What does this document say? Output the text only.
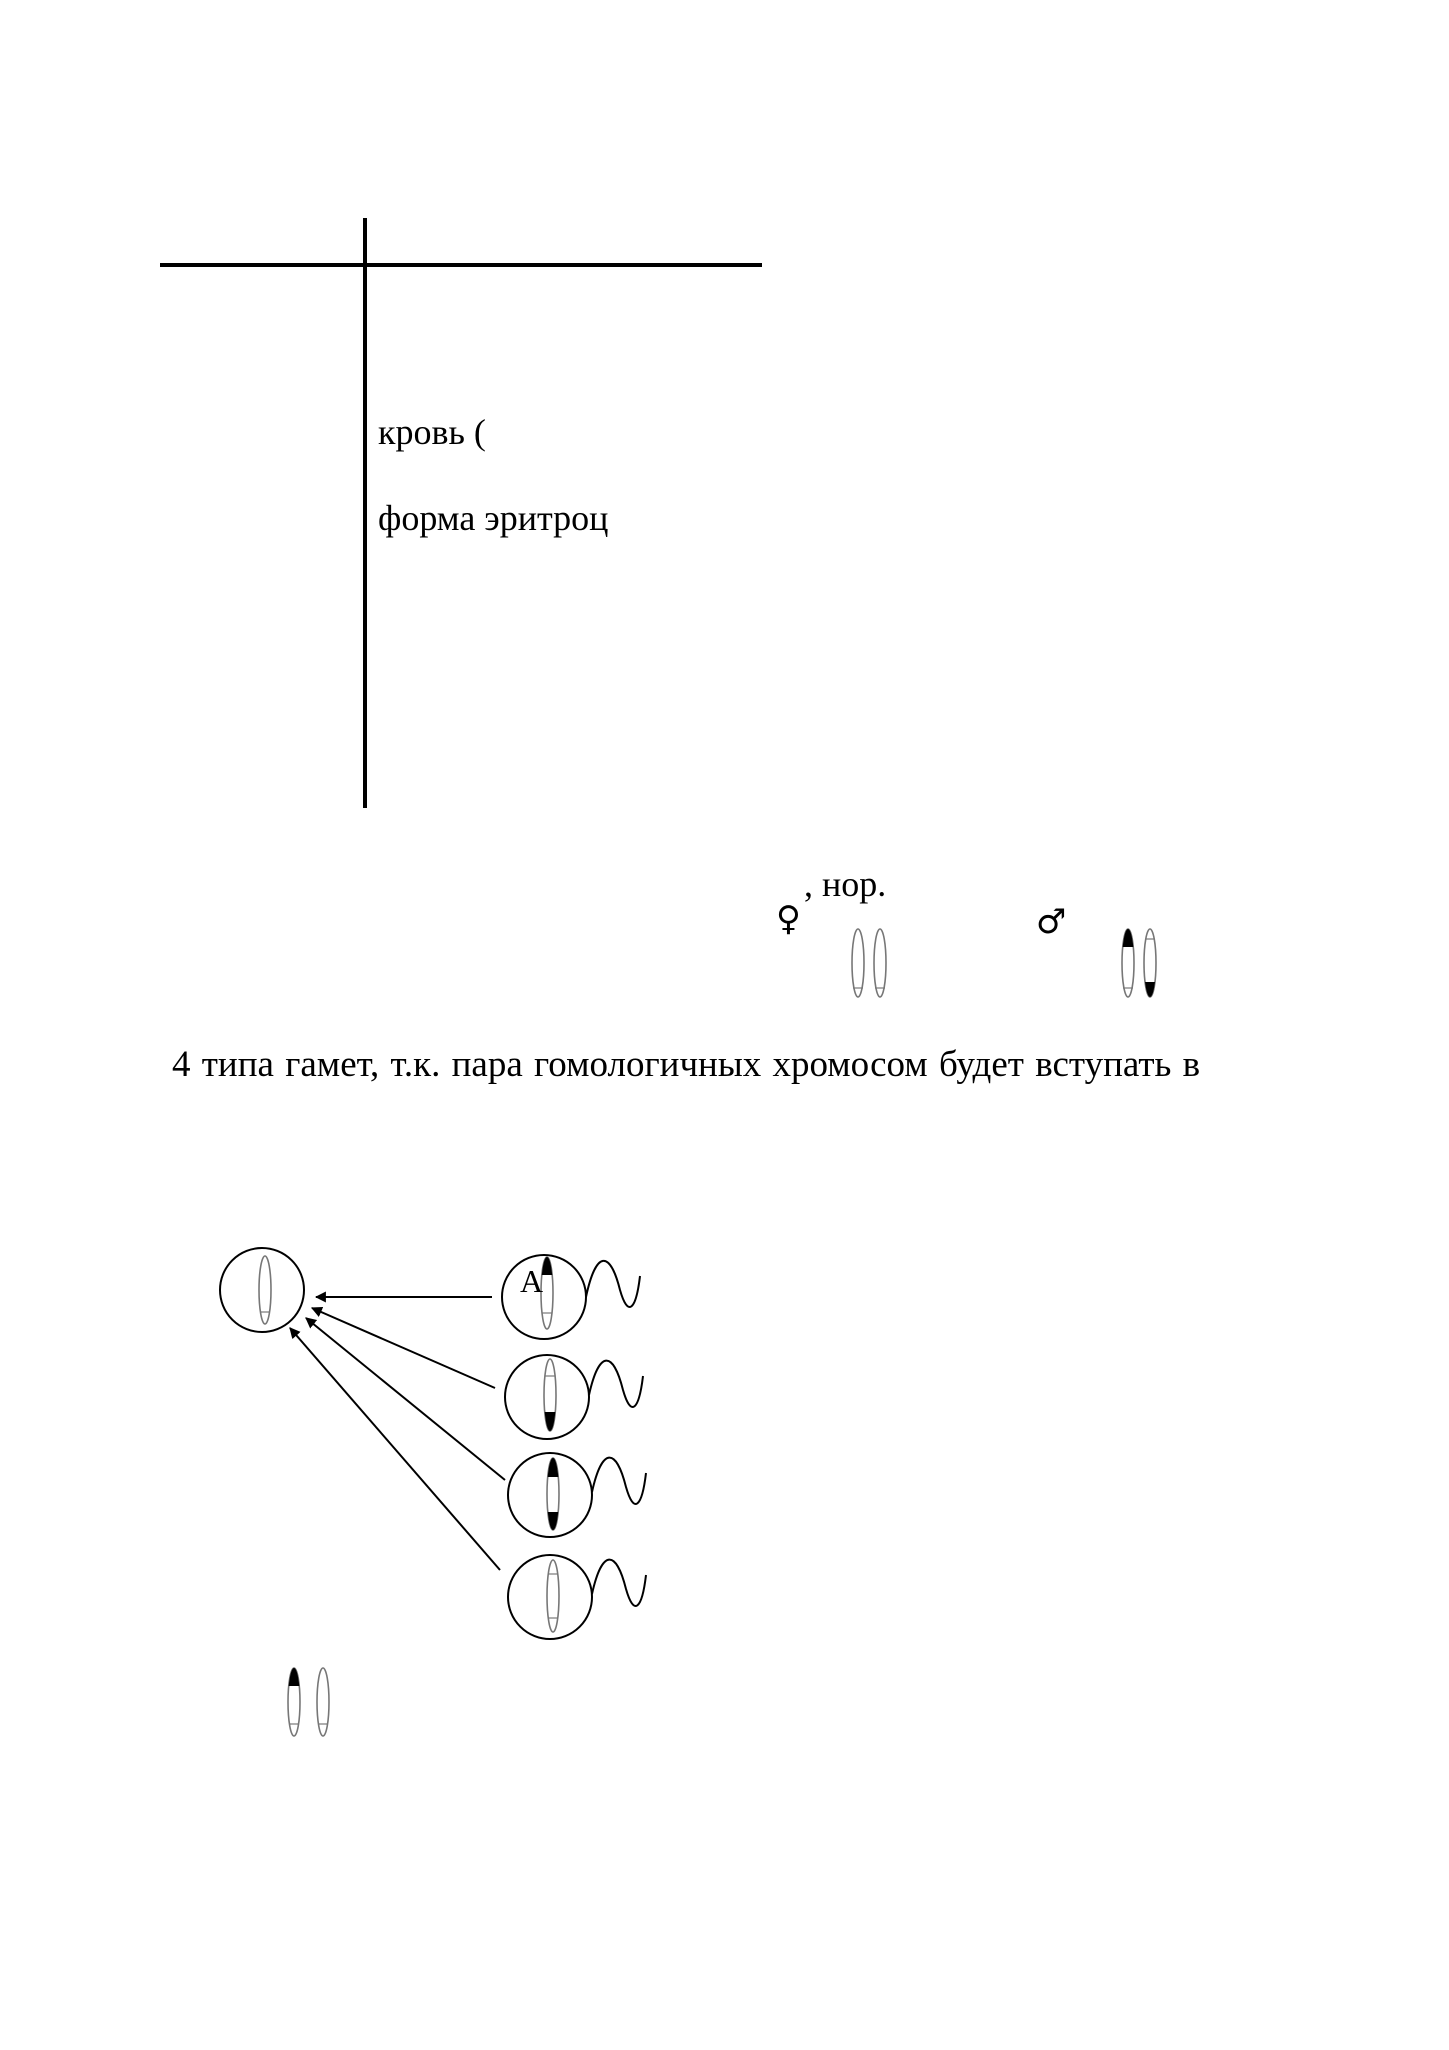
кровь (
форма эритроц
, нор.
♀	♂
4 типа гамет, т.к. пара гомологичных хромосом будет вступать в
A
